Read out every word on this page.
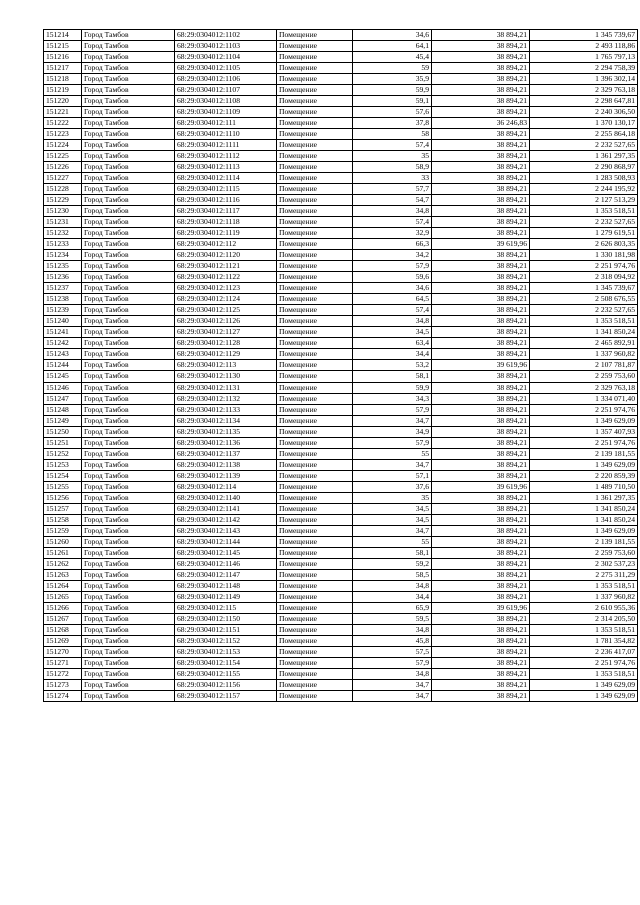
151214	Город Тамбов	68:29:0304012:1102	Помещение	34,6	38 894,21	1 345 739,67
151215	Город Тамбов	68:29:0304012:1103	Помещение	64,1	38 894,21	2 493 118,86
151216	Город Тамбов	68:29:0304012:1104	Помещение	45,4	38 894,21	1 765 797,13
151217	Город Тамбов	68:29:0304012:1105	Помещение	59	38 894,21	2 294 758,39
151218	Город Тамбов	68:29:0304012:1106	Помещение	35,9	38 894,21	1 396 302,14
151219	Город Тамбов	68:29:0304012:1107	Помещение	59,9	38 894,21	2 329 763,18
151220	Город Тамбов	68:29:0304012:1108	Помещение	59,1	38 894,21	2 298 647,81
151221	Город Тамбов	68:29:0304012:1109	Помещение	57,6	38 894,21	2 240 306,50
151222	Город Тамбов	68:29:0304012:111	Помещение	37,8	36 246,83	1 370 130,17
151223	Город Тамбов	68:29:0304012:1110	Помещение	58	38 894,21	2 255 864,18
151224	Город Тамбов	68:29:0304012:1111	Помещение	57,4	38 894,21	2 232 527,65
151225	Город Тамбов	68:29:0304012:1112	Помещение	35	38 894,21	1 361 297,35
151226	Город Тамбов	68:29:0304012:1113	Помещение	58,9	38 894,21	2 290 868,97
151227	Город Тамбов	68:29:0304012:1114	Помещение	33	38 894,21	1 283 508,93
151228	Город Тамбов	68:29:0304012:1115	Помещение	57,7	38 894,21	2 244 195,92
151229	Город Тамбов	68:29:0304012:1116	Помещение	54,7	38 894,21	2 127 513,29
151230	Город Тамбов	68:29:0304012:1117	Помещение	34,8	38 894,21	1 353 518,51
151231	Город Тамбов	68:29:0304012:1118	Помещение	57,4	38 894,21	2 232 527,65
151232	Город Тамбов	68:29:0304012:1119	Помещение	32,9	38 894,21	1 279 619,51
151233	Город Тамбов	68:29:0304012:112	Помещение	66,3	39 619,96	2 626 803,35
151234	Город Тамбов	68:29:0304012:1120	Помещение	34,2	38 894,21	1 330 181,98
151235	Город Тамбов	68:29:0304012:1121	Помещение	57,9	38 894,21	2 251 974,76
151236	Город Тамбов	68:29:0304012:1122	Помещение	59,6	38 894,21	2 318 094,92
151237	Город Тамбов	68:29:0304012:1123	Помещение	34,6	38 894,21	1 345 739,67
151238	Город Тамбов	68:29:0304012:1124	Помещение	64,5	38 894,21	2 508 676,55
151239	Город Тамбов	68:29:0304012:1125	Помещение	57,4	38 894,21	2 232 527,65
151240	Город Тамбов	68:29:0304012:1126	Помещение	34,8	38 894,21	1 353 518,51
151241	Город Тамбов	68:29:0304012:1127	Помещение	34,5	38 894,21	1 341 850,24
151242	Город Тамбов	68:29:0304012:1128	Помещение	63,4	38 894,21	2 465 892,91
151243	Город Тамбов	68:29:0304012:1129	Помещение	34,4	38 894,21	1 337 960,82
151244	Город Тамбов	68:29:0304012:113	Помещение	53,2	39 619,96	2 107 781,87
151245	Город Тамбов	68:29:0304012:1130	Помещение	58,1	38 894,21	2 259 753,60
151246	Город Тамбов	68:29:0304012:1131	Помещение	59,9	38 894,21	2 329 763,18
151247	Город Тамбов	68:29:0304012:1132	Помещение	34,3	38 894,21	1 334 071,40
151248	Город Тамбов	68:29:0304012:1133	Помещение	57,9	38 894,21	2 251 974,76
151249	Город Тамбов	68:29:0304012:1134	Помещение	34,7	38 894,21	1 349 629,09
151250	Город Тамбов	68:29:0304012:1135	Помещение	34,9	38 894,21	1 357 407,93
151251	Город Тамбов	68:29:0304012:1136	Помещение	57,9	38 894,21	2 251 974,76
151252	Город Тамбов	68:29:0304012:1137	Помещение	55	38 894,21	2 139 181,55
151253	Город Тамбов	68:29:0304012:1138	Помещение	34,7	38 894,21	1 349 629,09
151254	Город Тамбов	68:29:0304012:1139	Помещение	57,1	38 894,21	2 220 859,39
151255	Город Тамбов	68:29:0304012:114	Помещение	37,6	39 619,96	1 489 710,50
151256	Город Тамбов	68:29:0304012:1140	Помещение	35	38 894,21	1 361 297,35
151257	Город Тамбов	68:29:0304012:1141	Помещение	34,5	38 894,21	1 341 850,24
151258	Город Тамбов	68:29:0304012:1142	Помещение	34,5	38 894,21	1 341 850,24
151259	Город Тамбов	68:29:0304012:1143	Помещение	34,7	38 894,21	1 349 629,09
151260	Город Тамбов	68:29:0304012:1144	Помещение	55	38 894,21	2 139 181,55
151261	Город Тамбов	68:29:0304012:1145	Помещение	58,1	38 894,21	2 259 753,60
151262	Город Тамбов	68:29:0304012:1146	Помещение	59,2	38 894,21	2 302 537,23
151263	Город Тамбов	68:29:0304012:1147	Помещение	58,5	38 894,21	2 275 311,29
151264	Город Тамбов	68:29:0304012:1148	Помещение	34,8	38 894,21	1 353 518,51
151265	Город Тамбов	68:29:0304012:1149	Помещение	34,4	38 894,21	1 337 960,82
151266	Город Тамбов	68:29:0304012:115	Помещение	65,9	39 619,96	2 610 955,36
151267	Город Тамбов	68:29:0304012:1150	Помещение	59,5	38 894,21	2 314 205,50
151268	Город Тамбов	68:29:0304012:1151	Помещение	34,8	38 894,21	1 353 518,51
151269	Город Тамбов	68:29:0304012:1152	Помещение	45,8	38 894,21	1 781 354,82
151270	Город Тамбов	68:29:0304012:1153	Помещение	57,5	38 894,21	2 236 417,07
151271	Город Тамбов	68:29:0304012:1154	Помещение	57,9	38 894,21	2 251 974,76
151272	Город Тамбов	68:29:0304012:1155	Помещение	34,8	38 894,21	1 353 518,51
151273	Город Тамбов	68:29:0304012:1156	Помещение	34,7	38 894,21	1 349 629,09
151274	Город Тамбов	68:29:0304012:1157	Помещение	34,7	38 894,21	1 349 629,09
